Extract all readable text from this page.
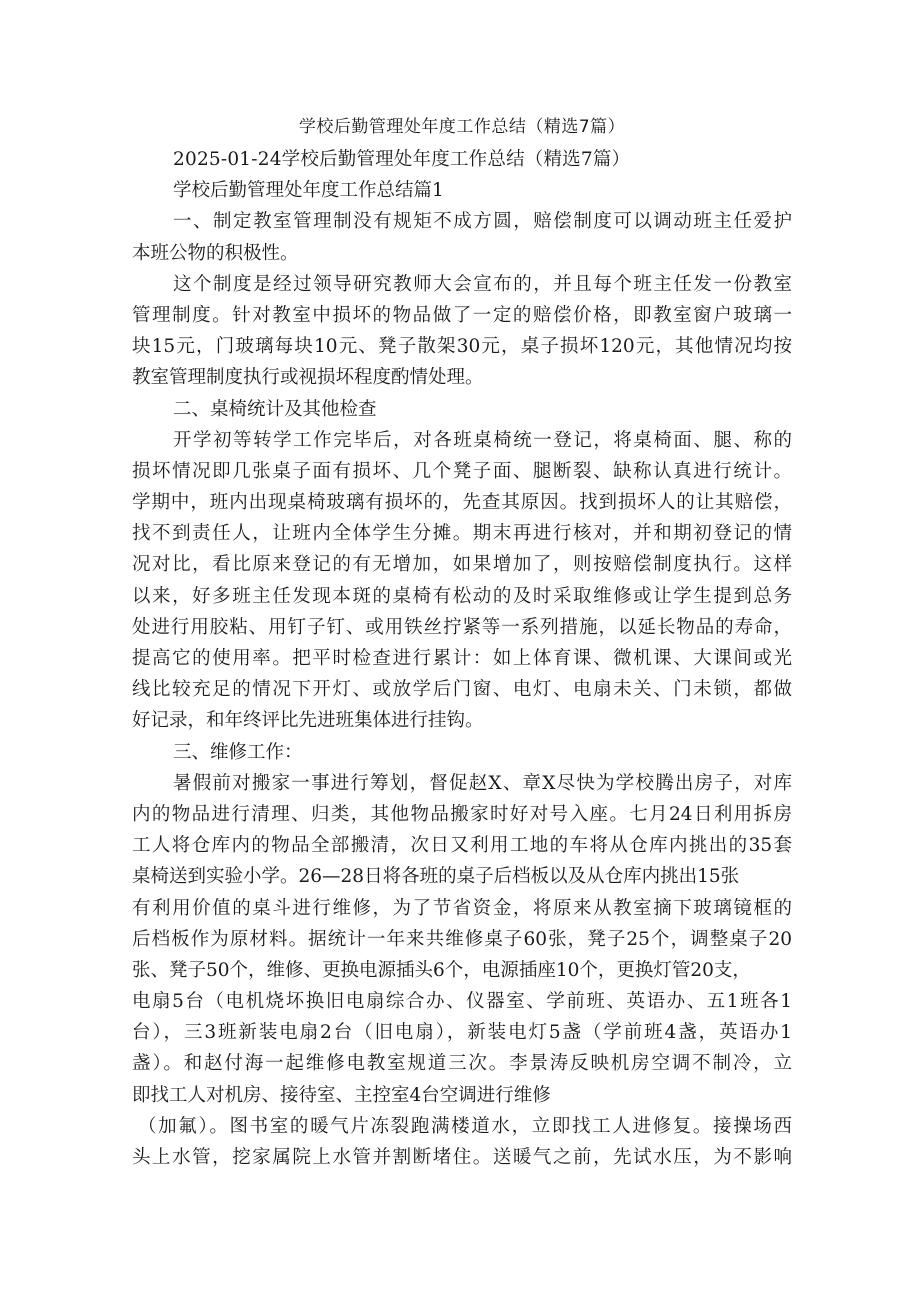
学校后勤管理处年度工作总结（精选7篇）
2025-01-24学校后勤管理处年度工作总结（精选7篇）
学校后勤管理处年度工作总结篇1
一、制定教室管理制没有规矩不成方圆，赔偿制度可以调动班主任爱护
本班公物的积极性。
这个制度是经过领导研究教师大会宣布的，并且每个班主任发一份教室
管理制度。针对教室中损坏的物品做了一定的赔偿价格，即教室窗户玻璃一
块15元，门玻璃每块10元、凳子散架30元，桌子损坏120元，其他情况均按
教室管理制度执行或视损坏程度酌情处理。
二、桌椅统计及其他检查
开学初等转学工作完毕后，对各班桌椅统一登记，将桌椅面、腿、称的
损坏情况即几张桌子面有损坏、几个凳子面、腿断裂、缺称认真进行统计。
学期中，班内出现桌椅玻璃有损坏的，先查其原因。找到损坏人的让其赔偿，
找不到责任人，让班内全体学生分摊。期末再进行核对，并和期初登记的情
况对比，看比原来登记的有无增加，如果增加了，则按赔偿制度执行。这样
以来，好多班主任发现本斑的桌椅有松动的及时采取维修或让学生提到总务
处进行用胶粘、用钉子钉、或用铁丝拧紧等一系列措施，以延长物品的寿命，
提高它的使用率。把平时检查进行累计：如上体育课、微机课、大课间或光
线比较充足的情况下开灯、或放学后门窗、电灯、电扇未关、门未锁，都做
好记录，和年终评比先进班集体进行挂钩。
三、维修工作：
暑假前对搬家一事进行筹划，督促赵X、章X尽快为学校腾出房子，对库
内的物品进行清理、归类，其他物品搬家时好对号入座。七月24日利用拆房
工人将仓库内的物品全部搬清，次日又利用工地的车将从仓库内挑出的35套
桌椅送到实验小学。26—28日将各班的桌子后档板以及从仓库内挑出15张
有利用价值的桌斗进行维修，为了节省资金，将原来从教室摘下玻璃镜框的
后档板作为原材料。据统计一年来共维修桌子60张，凳子25个，调整桌子20
张、凳子50个，维修、更换电源插头6个，电源插座10个，更换灯管20支，
电扇5台（电机烧坏换旧电扇综合办、仪器室、学前班、英语办、五1班各1
台），三3班新装电扇2台（旧电扇），新装电灯5盏（学前班4盏，英语办1
盏）。和赵付海一起维修电教室规道三次。李景涛反映机房空调不制冷，立
即找工人对机房、接待室、主控室4台空调进行维修
（加氟）。图书室的暖气片冻裂跑满楼道水，立即找工人进修复。接操场西
头上水管，挖家属院上水管并割断堵住。送暖气之前，先试水压，为不影响
